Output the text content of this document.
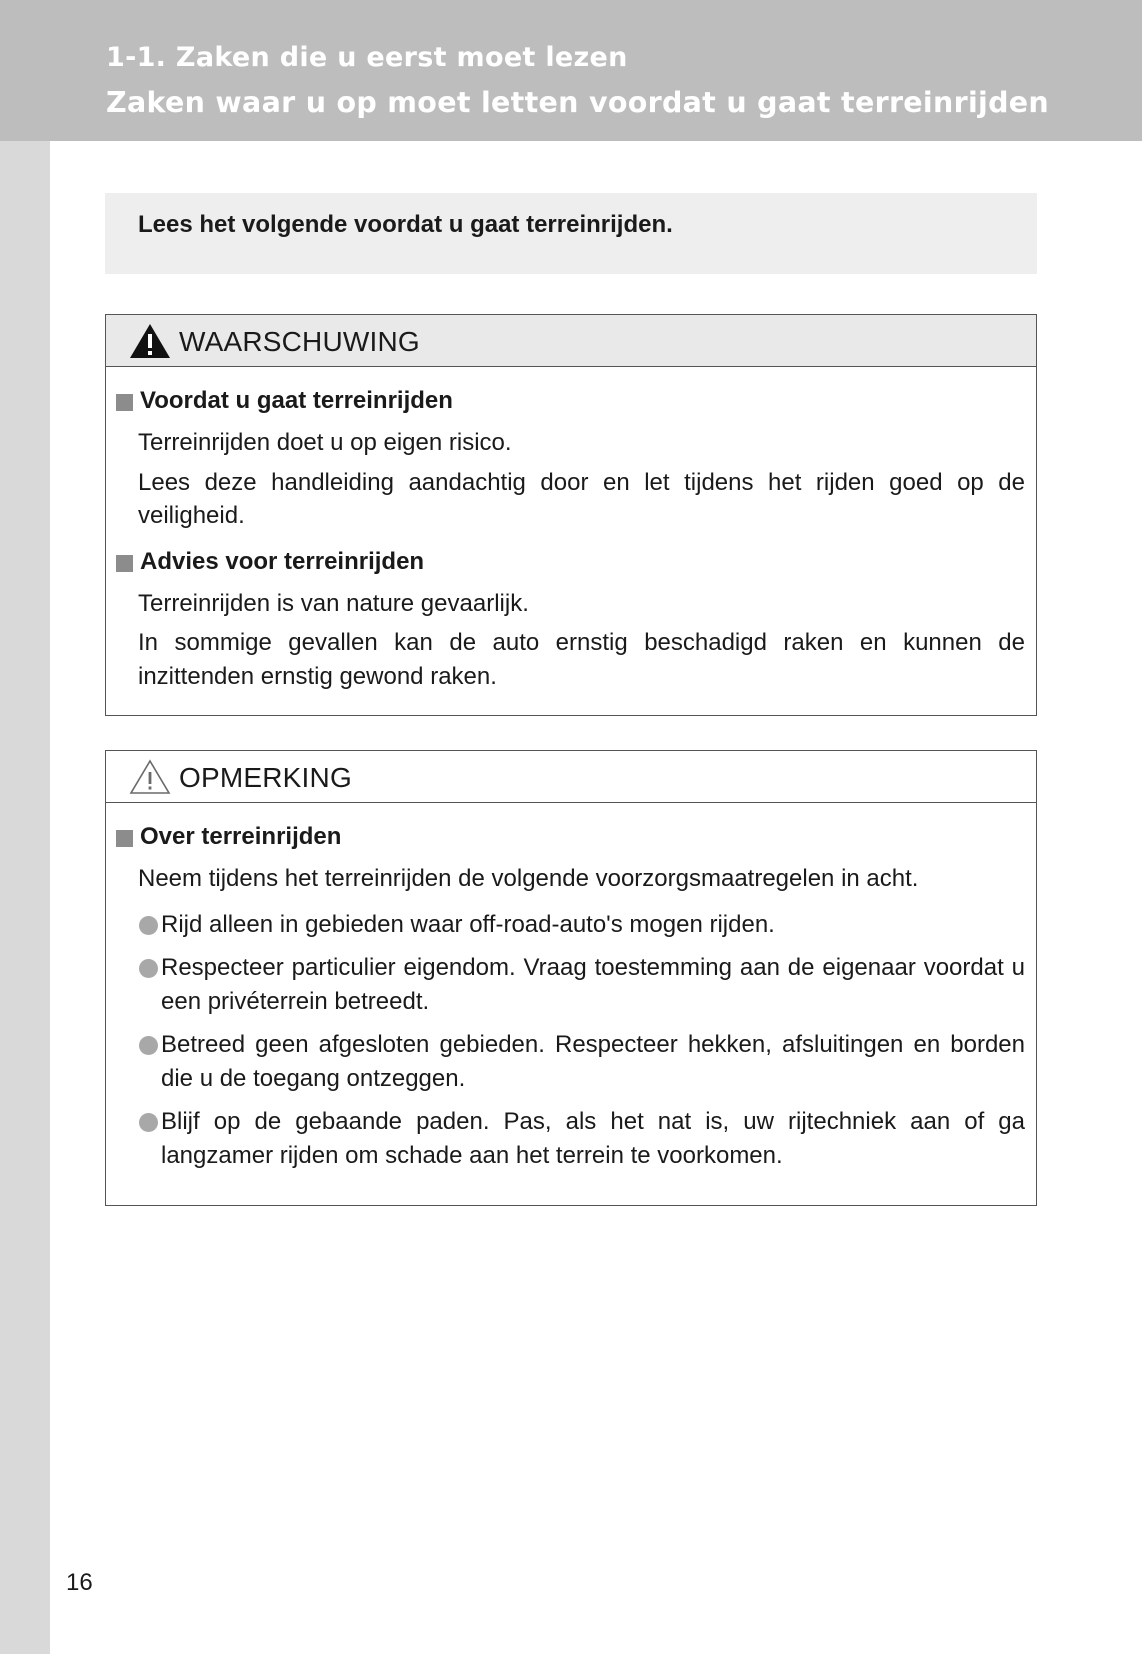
1-1. Zaken die u eerst moet lezen
Zaken waar u op moet letten voordat u gaat terreinrijden
Lees het volgende voordat u gaat terreinrijden.
WAARSCHUWING
Voordat u gaat terreinrijden
Terreinrijden doet u op eigen risico.
Lees deze handleiding aandachtig door en let tijdens het rijden goed op de veiligheid.
Advies voor terreinrijden
Terreinrijden is van nature gevaarlijk.
In sommige gevallen kan de auto ernstig beschadigd raken en kunnen de inzittenden ernstig gewond raken.
OPMERKING
Over terreinrijden
Neem tijdens het terreinrijden de volgende voorzorgsmaatregelen in acht.
Rijd alleen in gebieden waar off-road-auto's mogen rijden.
Respecteer particulier eigendom. Vraag toestemming aan de eigenaar voordat u een privéterrein betreedt.
Betreed geen afgesloten gebieden. Respecteer hekken, afsluitingen en borden die u de toegang ontzeggen.
Blijf op de gebaande paden. Pas, als het nat is, uw rijtechniek aan of ga langzamer rijden om schade aan het terrein te voorkomen.
16
